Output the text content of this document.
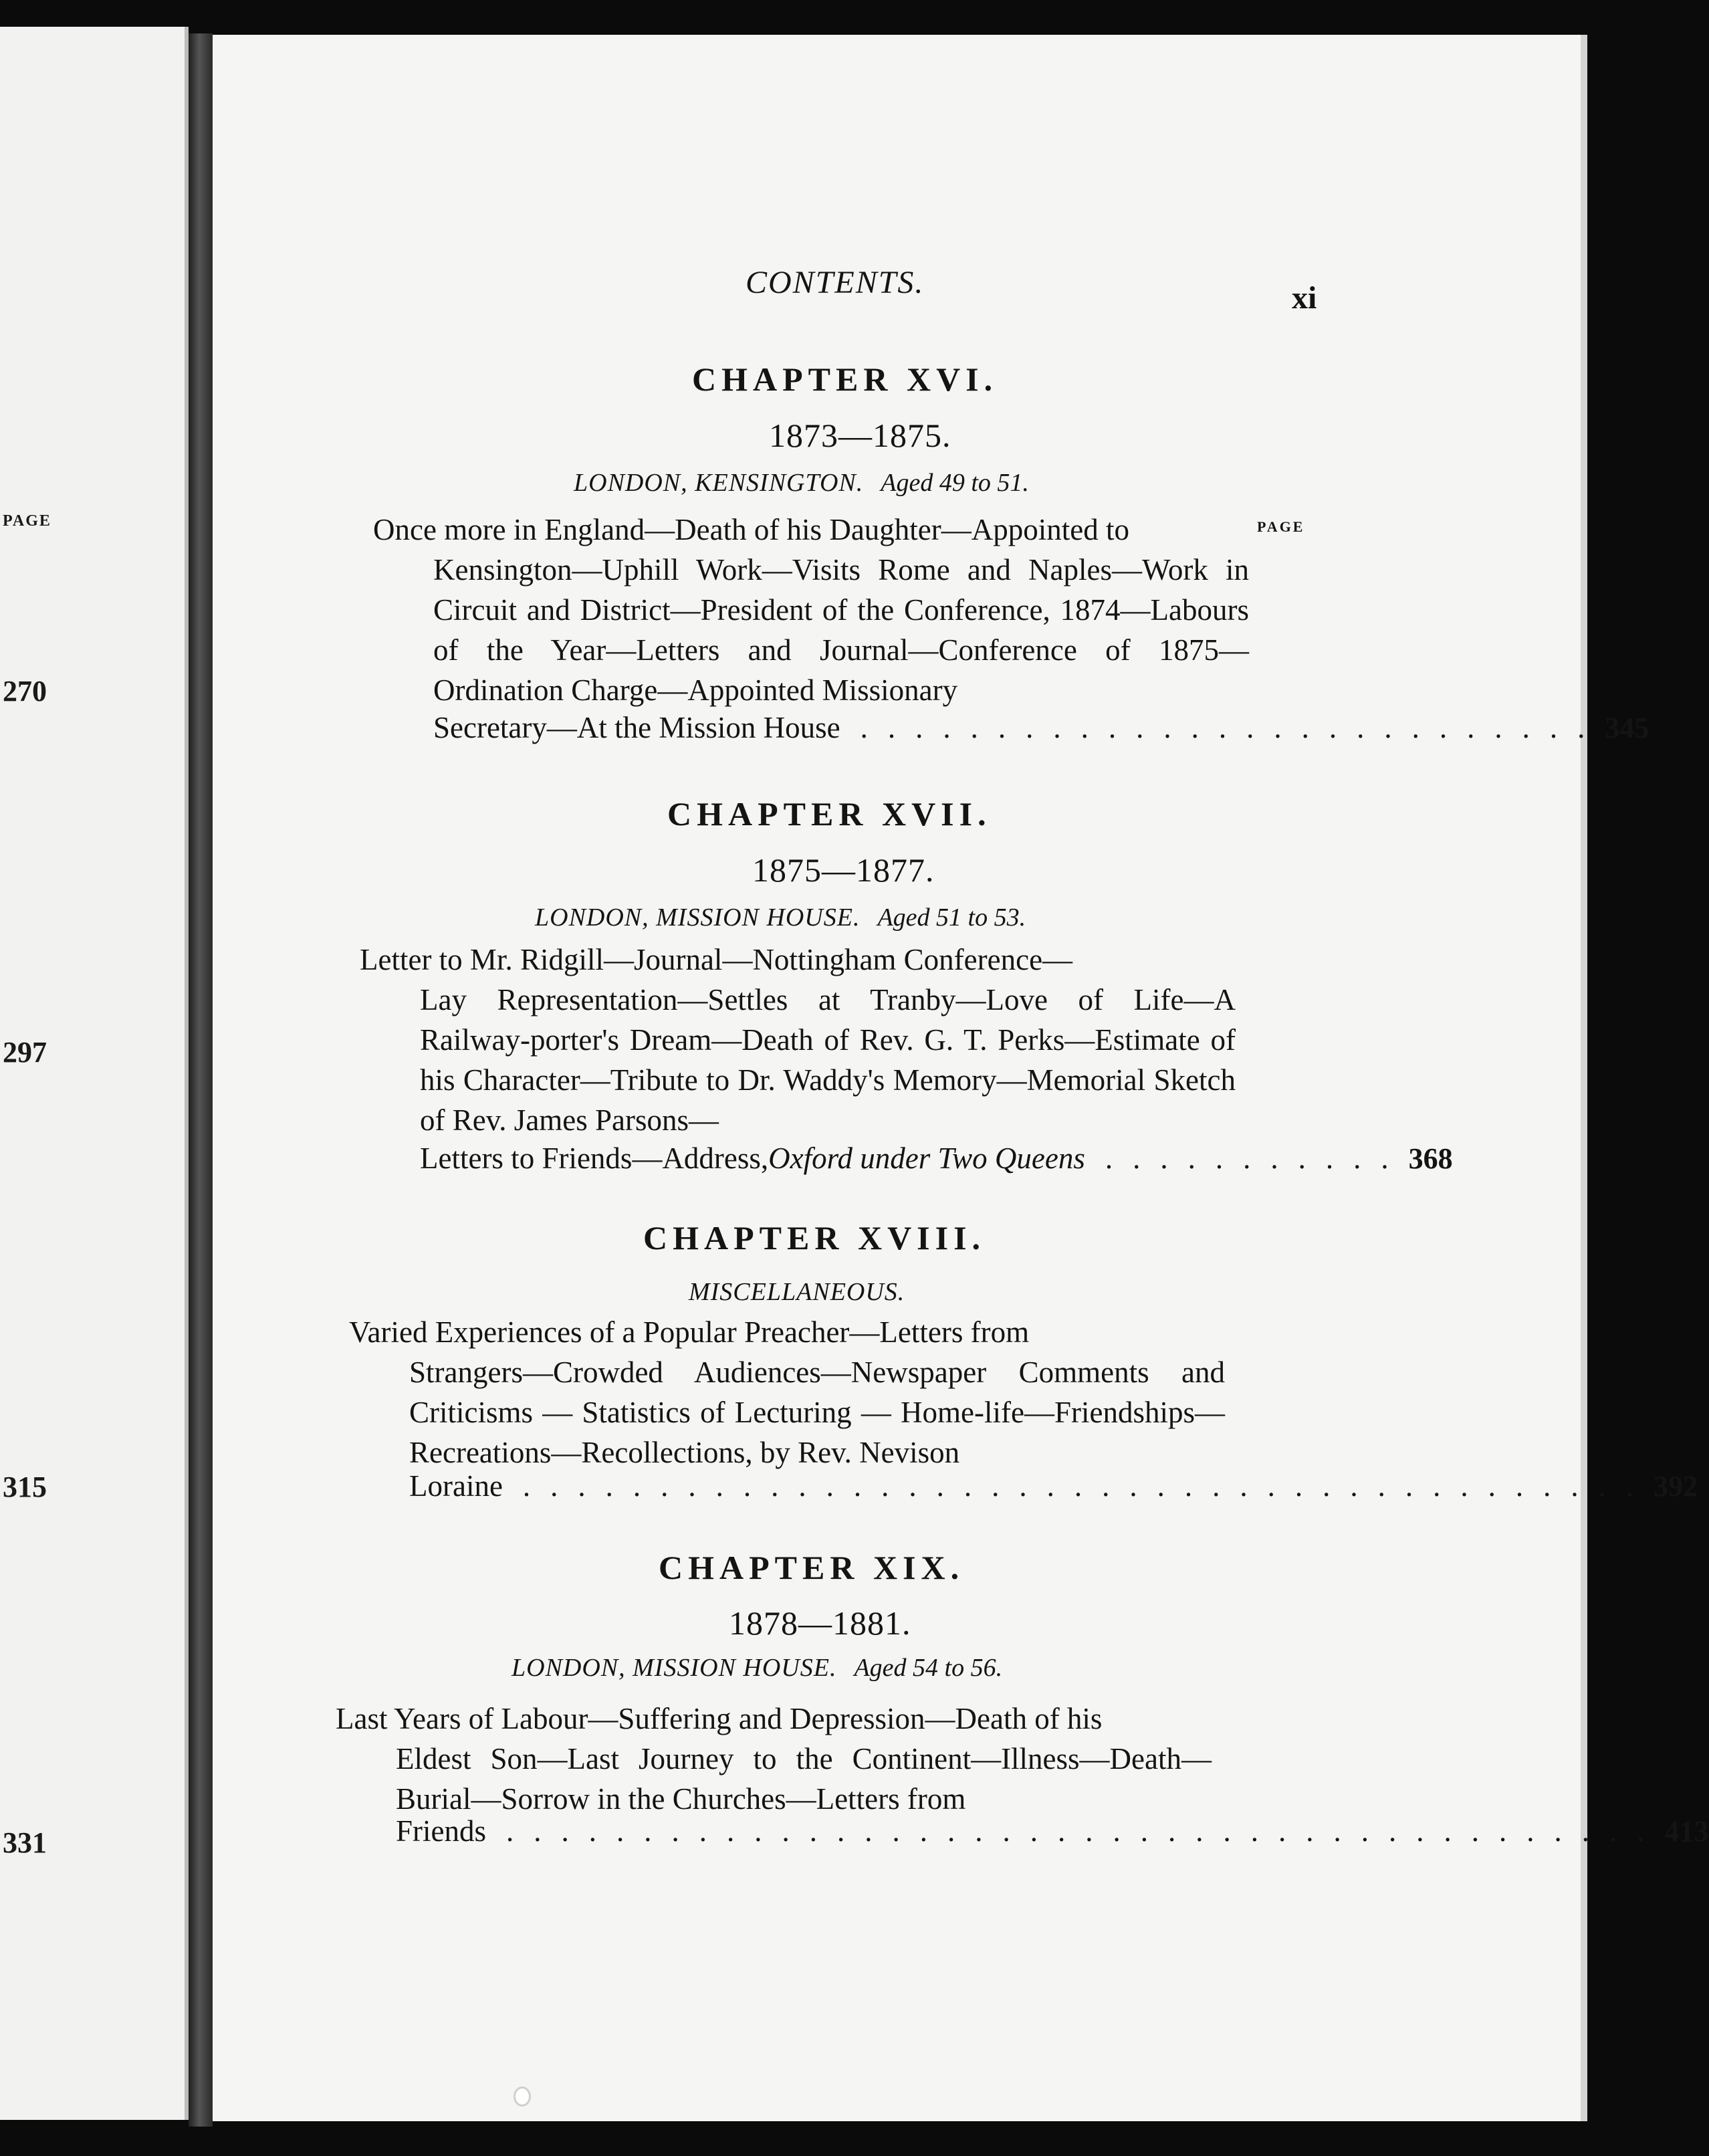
PAGE
270
297
315
331
CONTENTS.	xi
CHAPTER XVI.
1873—1875.
LONDON, KENSINGTON. Aged 49 to 51.
PAGE
Once more in England—Death of his Daughter—Appointed to
Kensington—Uphill Work—Visits Rome and Naples—Work in Circuit and District—President of the Conference, 1874—Labours of the Year—Letters and Journal—Conference of 1875—Ordination Charge—Appointed Missionary
Secretary—At the Mission House ........................... 345
CHAPTER XVII.
1875—1877.
LONDON, MISSION HOUSE. Aged 51 to 53.
Letter to Mr. Ridgill—Journal—Nottingham Conference—
Lay Representation—Settles at Tranby—Love of Life—A Railway-porter's Dream—Death of Rev. G. T. Perks—Estimate of his Character—Tribute to Dr. Waddy's Memory—Memorial Sketch of Rev. James Parsons—
Letters to Friends—Address, Oxford under Two Queens ........... 368
CHAPTER XVIII.
MISCELLANEOUS.
Varied Experiences of a Popular Preacher—Letters from
Strangers—Crowded Audiences—Newspaper Comments and Criticisms — Statistics of Lecturing — Home-life—Friendships—Recreations—Recollections, by Rev. Nevison
Loraine ......................................... 392
CHAPTER XIX.
1878—1881.
LONDON, MISSION HOUSE. Aged 54 to 56.
Last Years of Labour—Suffering and Depression—Death of his
Eldest Son—Last Journey to the Continent—Illness—Death—Burial—Sorrow in the Churches—Letters from
Friends .......................................... 413
